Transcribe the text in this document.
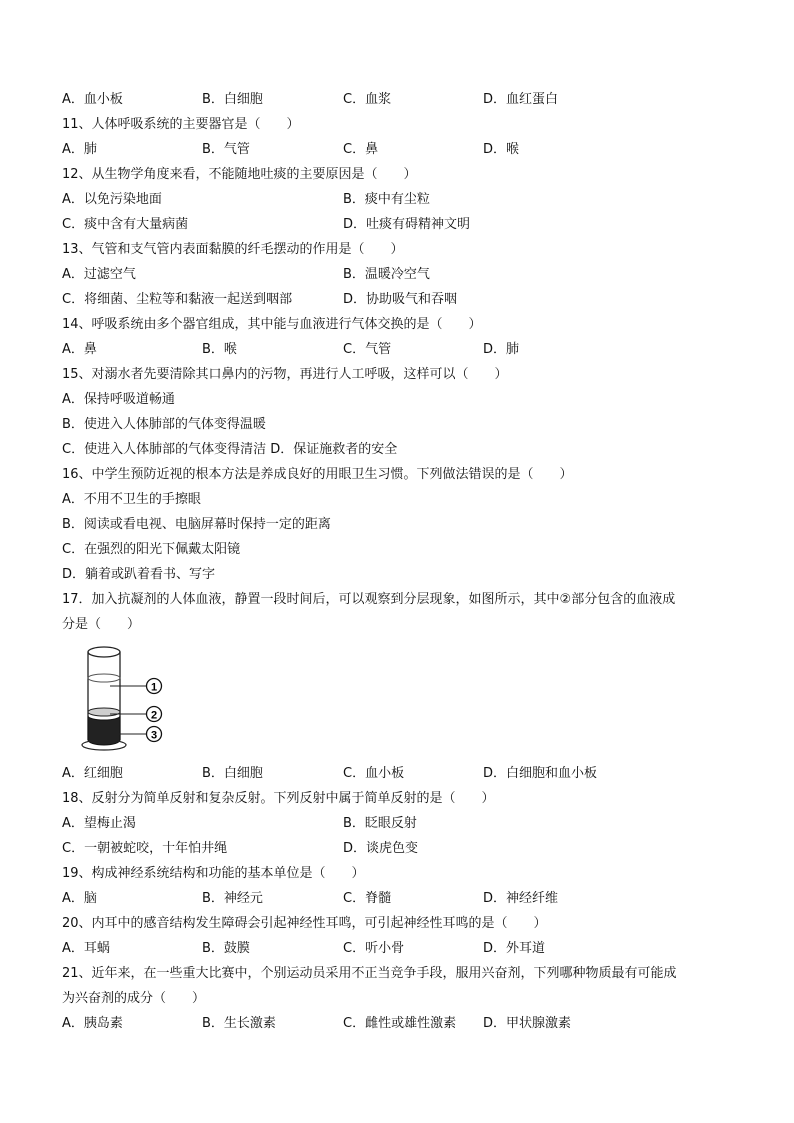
A．血小板	B．白细胞	C．血浆	D．血红蛋白
11、人体呼吸系统的主要器官是（　　）
A．肺	B．气管	C．鼻	D．喉
12、从生物学角度来看，不能随地吐痰的主要原因是（　　）
A．以免污染地面	B．痰中有尘粒
C．痰中含有大量病菌	D．吐痰有碍精神文明
13、气管和支气管内表面黏膜的纤毛摆动的作用是（　　）
A．过滤空气	B．温暖冷空气
C．将细菌、尘粒等和黏液一起送到咽部	D．协助吸气和吞咽
14、呼吸系统由多个器官组成，其中能与血液进行气体交换的是（　　）
A．鼻	B．喉	C．气管	D．肺
15、对溺水者先要清除其口鼻内的污物，再进行人工呼吸，这样可以（　　）
A．保持呼吸道畅通
B．使进入人体肺部的气体变得温暖
C．使进入人体肺部的气体变得清洁 D．保证施救者的安全
16、中学生预防近视的根本方法是养成良好的用眼卫生习惯。下列做法错误的是（　　）
A．不用不卫生的手擦眼
B．阅读或看电视、电脑屏幕时保持一定的距离
C．在强烈的阳光下佩戴太阳镜
D．躺着或趴着看书、写字
17．加入抗凝剂的人体血液，静置一段时间后，可以观察到分层现象，如图所示，其中②部分包含的血液成
分是（　　）
1
2
3
A．红细胞	B．白细胞	C．血小板	D．白细胞和血小板
18、反射分为简单反射和复杂反射。下列反射中属于简单反射的是（　　）
A．望梅止渴	B．眨眼反射
C．一朝被蛇咬，十年怕井绳	D．谈虎色变
19、构成神经系统结构和功能的基本单位是（　　）
A．脑	B．神经元	C．脊髓	D．神经纤维
20、内耳中的感音结构发生障碍会引起神经性耳鸣，可引起神经性耳鸣的是（　　）
A．耳蜗	B．鼓膜	C．听小骨	D．外耳道
21、近年来，在一些重大比赛中，个别运动员采用不正当竞争手段，服用兴奋剂，下列哪种物质最有可能成
为兴奋剂的成分（　　）
A．胰岛素	B．生长激素	C．雌性或雄性激素 D．甲状腺激素
